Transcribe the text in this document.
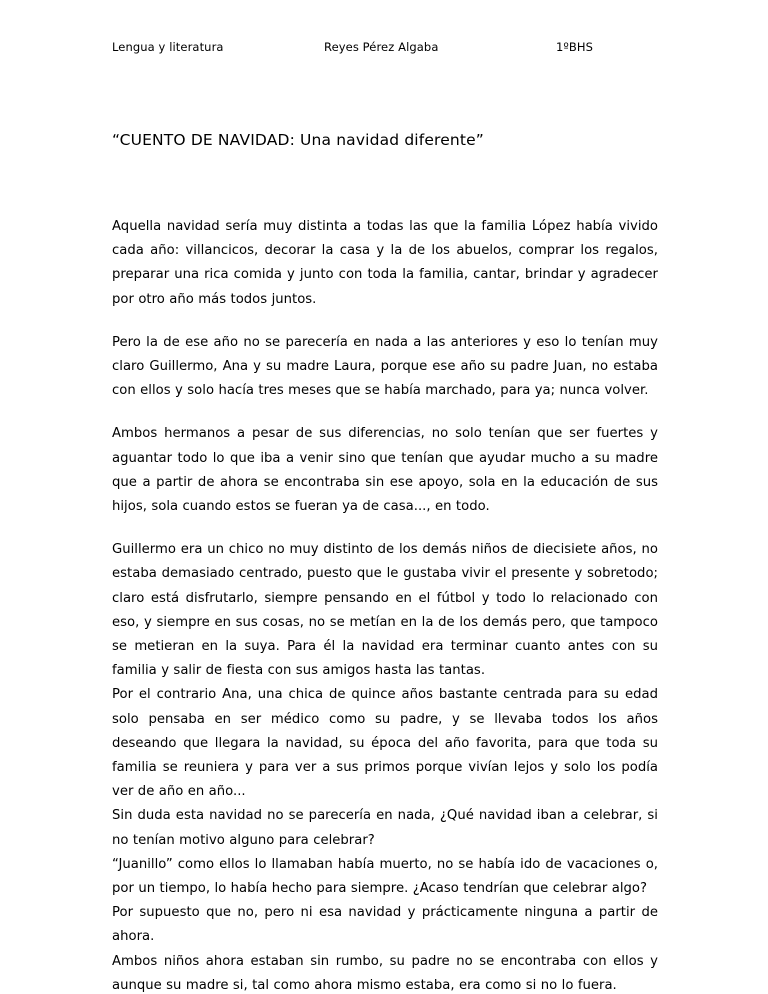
Lengua y literatura	Reyes Pérez Algaba	1ºBHS
“CUENTO DE NAVIDAD: Una navidad diferente”

Aquella navidad sería muy distinta a todas las que la familia López había vivido cada año: villancicos, decorar la casa y la de los abuelos, comprar los regalos, preparar una rica comida y junto con toda la familia, cantar, brindar y agradecer por otro año más todos juntos.

Pero la de ese año no se parecería en nada a las anteriores y eso lo tenían muy claro Guillermo, Ana y su madre Laura, porque ese año su padre Juan, no estaba con ellos y solo hacía tres meses que se había marchado, para ya; nunca volver.

Ambos hermanos a pesar de sus diferencias, no solo tenían que ser fuertes y aguantar todo lo que iba a venir sino que tenían que ayudar mucho a su madre que a partir de ahora se encontraba sin ese apoyo, sola en la educación de sus hijos, sola cuando estos se fueran ya de casa..., en todo.

Guillermo era un chico no muy distinto de los demás niños de diecisiete años, no estaba demasiado centrado, puesto que le gustaba vivir el presente y sobretodo; claro está disfrutarlo, siempre pensando en el fútbol y todo lo relacionado con eso, y siempre en sus cosas, no se metían en la de los demás pero, que tampoco se metieran en la suya. Para él la navidad era terminar cuanto antes con su familia y salir de fiesta con sus amigos hasta las tantas.
Por el contrario Ana, una chica de quince años bastante centrada para su edad solo pensaba en ser médico como su padre, y se llevaba todos los años deseando que llegara la navidad, su época del año favorita, para que toda su familia se reuniera y para ver a sus primos porque vivían lejos y solo los podía ver de año en año...
Sin duda esta navidad no se parecería en nada, ¿Qué navidad iban a celebrar, si no tenían motivo alguno para celebrar?
“Juanillo” como ellos lo llamaban había muerto, no se había ido de vacaciones o, por un tiempo, lo había hecho para siempre. ¿Acaso tendrían que celebrar algo?
Por supuesto que no, pero ni esa navidad y prácticamente ninguna a partir de ahora.
Ambos niños ahora estaban sin rumbo, su padre no se encontraba con ellos y aunque su madre si, tal como ahora mismo estaba, era como si no lo fuera.
